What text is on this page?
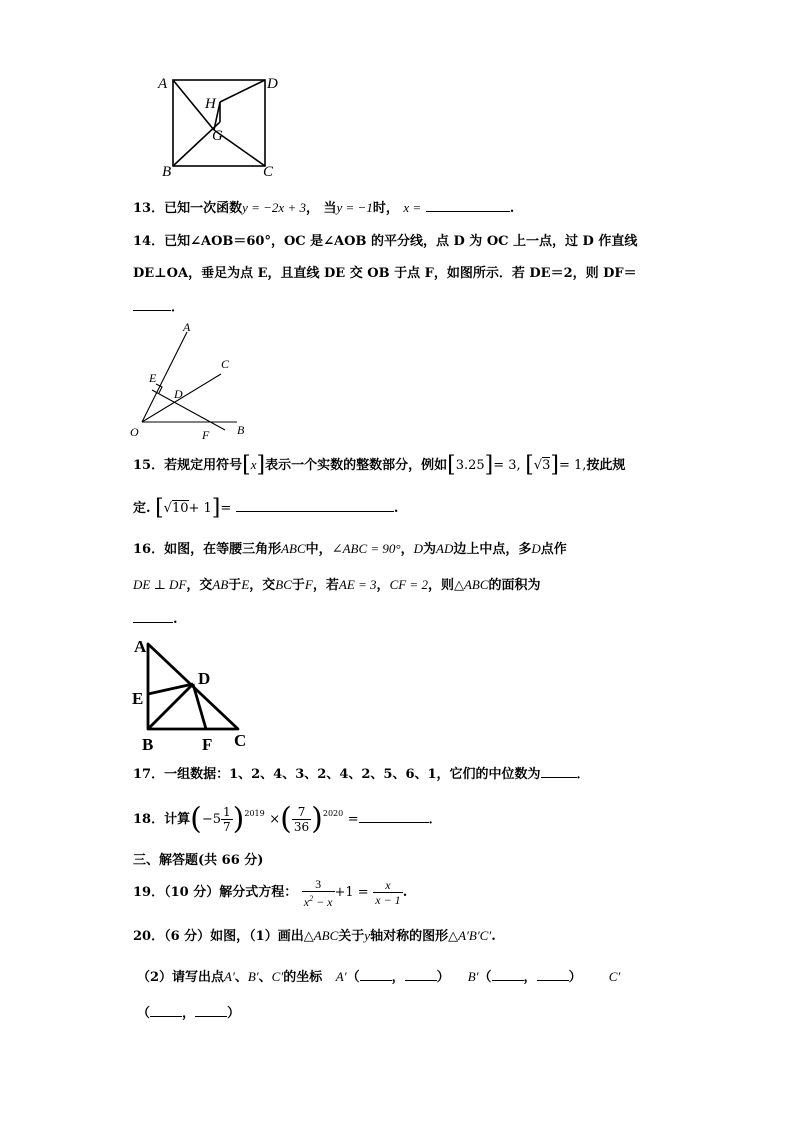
A	D
H
G
B	C
13．已知一次函数y = −2x + 3， 当y = −1时， x =	.
14．已知∠AOB＝60°，OC 是∠AOB 的平分线，点 D 为 OC 上一点，过 D 作直线
DE⊥OA，垂足为点 E，且直线 DE 交 OB 于点 F，如图所示．若 DE＝2，则 DF＝
．
A
C
E
D
O	F B
15．若规定用符号[x]表示一个实数的整数部分，例如[3.25]= 3, [√3]= 1,按此规
定. [√10+ 1]=	.
16．如图，在等腰三角形ABC中，∠ABC = 90°，D为AD边上中点，多D点作
DE ⊥ DF，交AB于E，交BC于F，若AE = 3，CF = 2，则△ABC的面积为
.
A
E
D
B	F C
17．一组数据：1、2、4、3、2、4、2、5、6、1，它们的中位数为	．
18．计算$(-5 \frac{1}{7} )^{2019}$ ×( $\frac{7}{36} )^{2020}$ =	．
三、解答题(共 66 分)
19．（10 分）解分式方程： $\frac{3}{x^2 - x} +1 = \frac{x}{x - 1}$ .
20．（6 分）如图，（1）画出△ABC关于y轴对称的图形△A′B′C′.
（2）请写出点A′、B′、C′的坐标 A′（ ， ） B′（ ， ） C′
（ ， ）
